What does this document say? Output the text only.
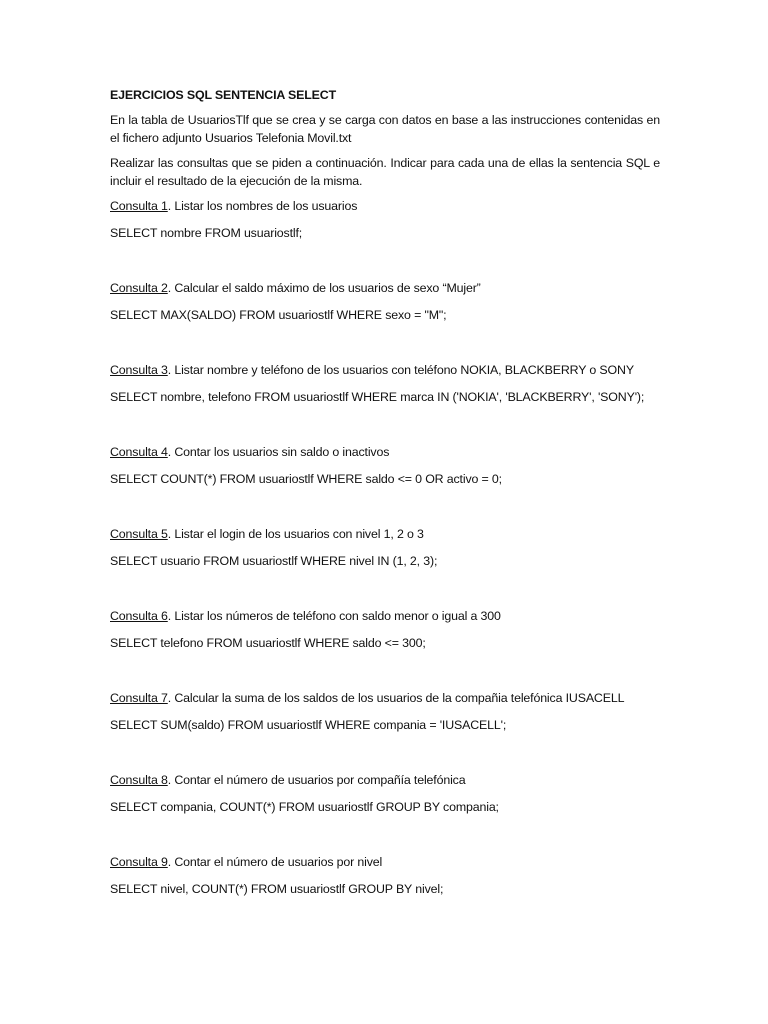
EJERCICIOS SQL SENTENCIA SELECT
En la tabla de UsuariosTlf que se crea y se carga con datos en base a las instrucciones contenidas en el fichero adjunto Usuarios Telefonia Movil.txt
Realizar las consultas que se piden a continuación. Indicar para cada una de ellas la sentencia SQL e incluir el resultado de la ejecución de la misma.
Consulta 1. Listar los nombres de los usuarios
SELECT nombre FROM usuariostlf;
Consulta 2. Calcular el saldo máximo de los usuarios de sexo “Mujer”
SELECT MAX(SALDO) FROM usuariostlf WHERE sexo = "M";
Consulta 3. Listar nombre y teléfono de los usuarios con teléfono NOKIA, BLACKBERRY o SONY
SELECT nombre, telefono FROM usuariostlf WHERE marca IN ('NOKIA', 'BLACKBERRY', 'SONY');
Consulta 4. Contar los usuarios sin saldo o inactivos
SELECT COUNT(*) FROM usuariostlf WHERE saldo <= 0 OR activo = 0;
Consulta 5. Listar el login de los usuarios con nivel 1, 2 o 3
SELECT usuario FROM usuariostlf WHERE nivel IN (1, 2, 3);
Consulta 6. Listar los números de teléfono con saldo menor o igual a 300
SELECT telefono FROM usuariostlf WHERE saldo <= 300;
Consulta 7. Calcular la suma de los saldos de los usuarios de la compañia telefónica IUSACELL
SELECT SUM(saldo) FROM usuariostlf WHERE compania = 'IUSACELL';
Consulta 8. Contar el número de usuarios por compañía telefónica
SELECT compania, COUNT(*) FROM usuariostlf GROUP BY compania;
Consulta 9. Contar el número de usuarios por nivel
SELECT nivel, COUNT(*) FROM usuariostlf GROUP BY nivel;
